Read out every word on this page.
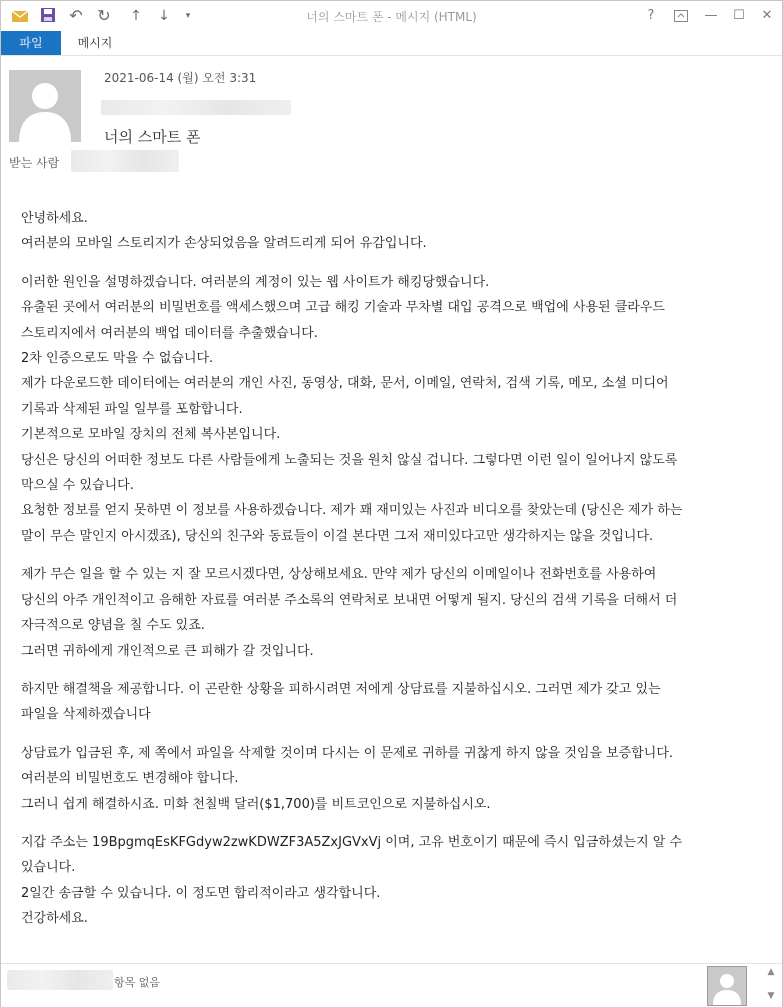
↶ ↻ ↑ ↓	▾	너의 스마트 폰 - 메시지 (HTML)	?	—	☐	✕
파일	메시지
2021-06-14 (월) 오전 3:31
너의 스마트 폰
받는 사람

안녕하세요.
여러분의 모바일 스토리지가 손상되었음을 알려드리게 되어 유감입니다.

이러한 원인을 설명하겠습니다. 여러분의 계정이 있는 웹 사이트가 해킹당했습니다.
유출된 곳에서 여러분의 비밀번호를 액세스했으며 고급 해킹 기술과 무차별 대입 공격으로 백업에 사용된 클라우드
스토리지에서 여러분의 백업 데이터를 추출했습니다.
2차 인증으로도 막을 수 없습니다.
제가 다운로드한 데이터에는 여러분의 개인 사진, 동영상, 대화, 문서, 이메일, 연락처, 검색 기록, 메모, 소셜 미디어
기록과 삭제된 파일 일부를 포함합니다.
기본적으로 모바일 장치의 전체 복사본입니다.
당신은 당신의 어떠한 정보도 다른 사람들에게 노출되는 것을 원치 않실 겁니다. 그렇다면 이런 일이 일어나지 않도록
막으실 수 있습니다.
요청한 정보를 얻지 못하면 이 정보를 사용하겠습니다. 제가 꽤 재미있는 사진과 비디오를 찾았는데 (당신은 제가 하는
말이 무슨 말인지 아시겠죠), 당신의 친구와 동료들이 이걸 본다면 그저 재미있다고만 생각하지는 않을 것입니다.

제가 무슨 일을 할 수 있는 지 잘 모르시겠다면, 상상해보세요. 만약 제가 당신의 이메일이나 전화번호를 사용하여
당신의 아주 개인적이고 음해한 자료를 여러분 주소록의 연락처로 보내면 어떻게 될지. 당신의 검색 기록을 더해서 더
자극적으로 양념을 칠 수도 있죠.
그러면 귀하에게 개인적으로 큰 피해가 갈 것입니다.

하지만 해결책을 제공합니다. 이 곤란한 상황을 피하시려면 저에게 상담료를 지불하십시오. 그러면 제가 갖고 있는
파일을 삭제하겠습니다

상담료가 입금된 후, 제 쪽에서 파일을 삭제할 것이며 다시는 이 문제로 귀하를 귀찮게 하지 않을 것임을 보증합니다.
여러분의 비밀번호도 변경해야 합니다.
그러니 쉽게 해결하시죠. 미화 천칠백 달러($1,700)를 비트코인으로 지불하십시오.

지갑 주소는 19BpgmqEsKFGdyw2zwKDWZF3A5ZxJGVxVj 이며, 고유 번호이기 때문에 즉시 입금하셨는지 알 수
있습니다.
2일간 송금할 수 있습니다. 이 정도면 합리적이라고 생각합니다.
건강하세요.

항목 없음
▲
▼
